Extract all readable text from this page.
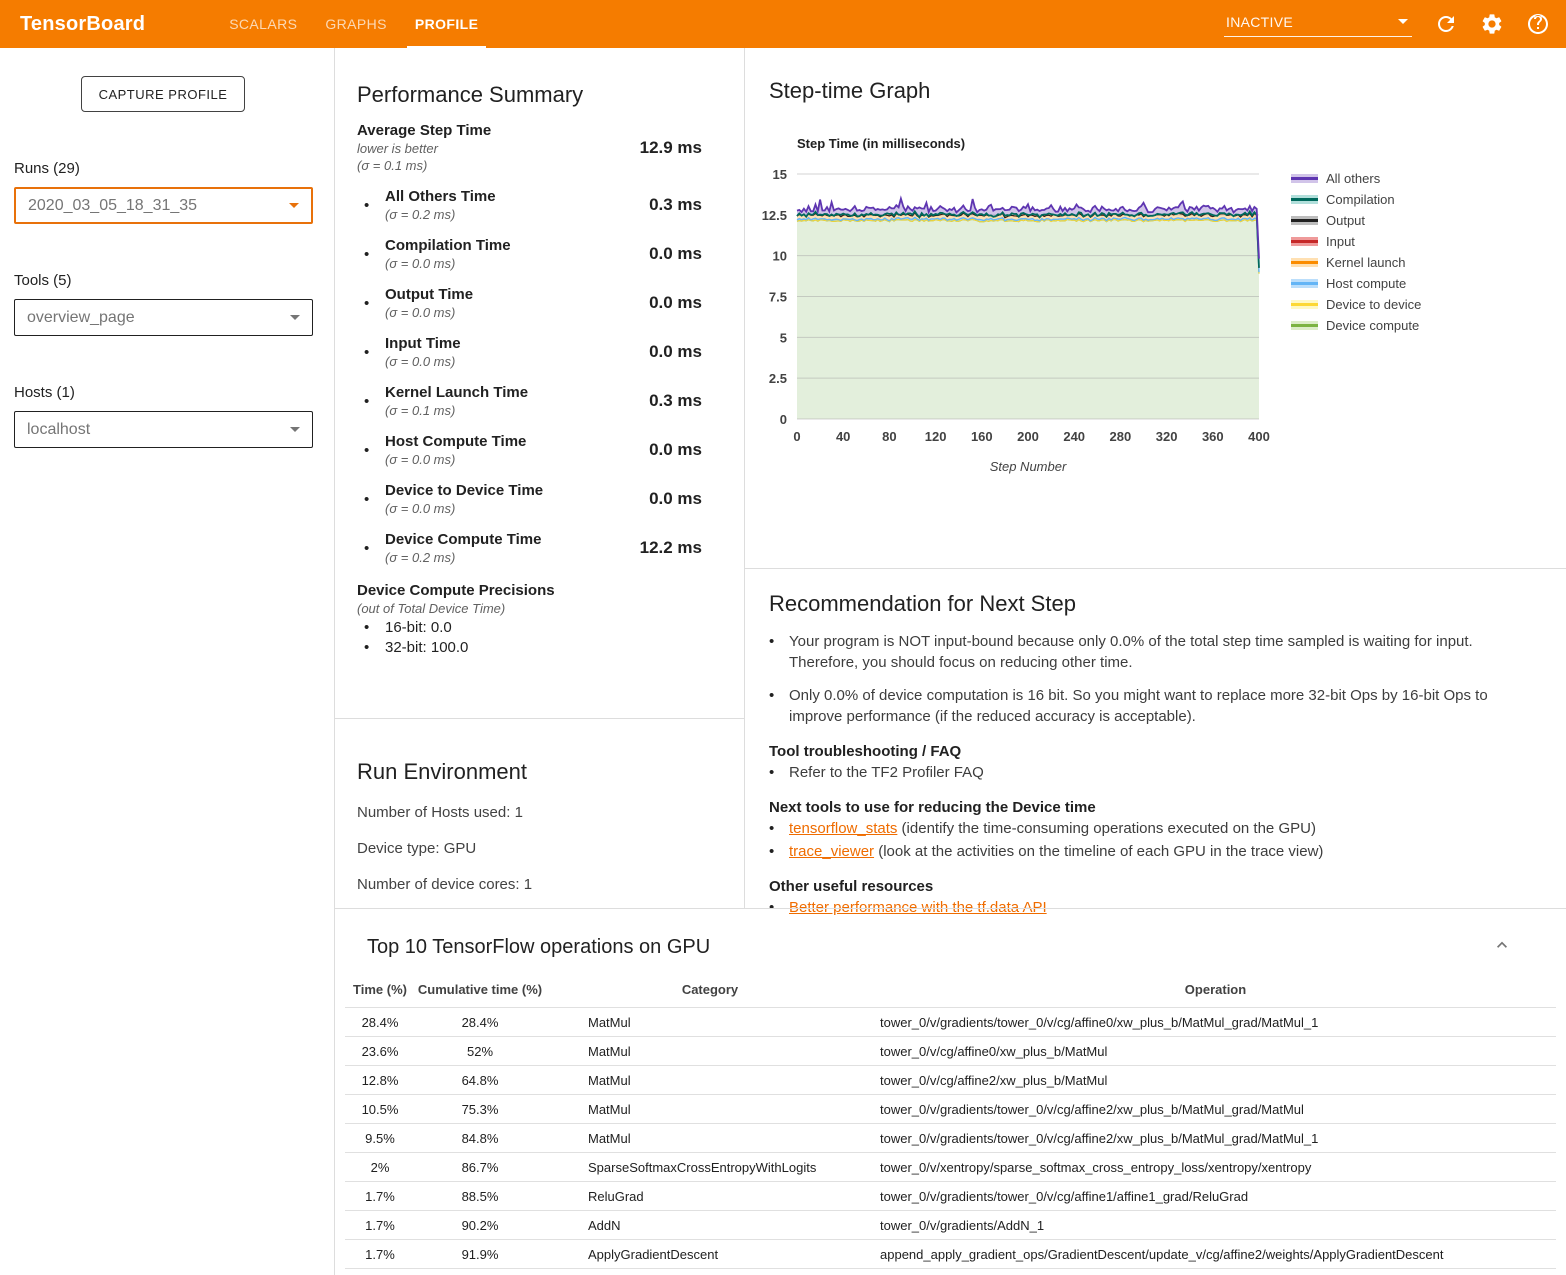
TensorBoard	SCALARS	GRAPHS	PROFILE	INACTIVE
CAPTURE PROFILE
Runs (29)
2020_03_05_18_31_35
Tools (5)
overview_page
Hosts (1)
localhost
Performance Summary
Average Step Time
lower is better
(σ = 0.1 ms)
12.9 ms
•	All Others Time
(σ = 0.2 ms)
0.3 ms
•	Compilation Time
(σ = 0.0 ms)
0.0 ms
•	Output Time
(σ = 0.0 ms)
0.0 ms
•	Input Time
(σ = 0.0 ms)
0.0 ms
•	Kernel Launch Time
(σ = 0.1 ms)
0.3 ms
•	Host Compute Time
(σ = 0.0 ms)
0.0 ms
•	Device to Device Time
(σ = 0.0 ms)
0.0 ms
•	Device Compute Time
(σ = 0.2 ms)
12.2 ms
Device Compute Precisions
(out of Total Device Time)
•	16-bit: 0.0
•	32-bit: 100.0
Run Environment
Number of Hosts used: 1
Device type: GPU
Number of device cores: 1
Step-time Graph
Step Time (in milliseconds)
0
2.5
5
7.5
10
12.5
15
0	40 80 120 160 200 240 280 320 360 400
Step Number
All others
Compilation
Output
Input
Kernel launch
Host compute
Device to device
Device compute
Recommendation for Next Step
• Your program is NOT input-bound because only 0.0% of the total step time sampled is waiting for input. Therefore, you should focus on reducing other time.
• Only 0.0% of device computation is 16 bit. So you might want to replace more 32-bit Ops by 16-bit Ops to improve performance (if the reduced accuracy is acceptable).
Tool troubleshooting / FAQ
• Refer to the TF2 Profiler FAQ
Next tools to use for reducing the Device time
• tensorflow_stats (identify the time-consuming operations executed on the GPU)
• trace_viewer (look at the activities on the timeline of each GPU in the trace view)
Other useful resources
• Better performance with the tf.data API
Top 10 TensorFlow operations on GPU
Time (%)	Cumulative time (%)	Category	Operation
28.4%	28.4%	MatMul	tower_0/v/gradients/tower_0/v/cg/affine0/xw_plus_b/MatMul_grad/MatMul_1
23.6%	52%	MatMul	tower_0/v/cg/affine0/xw_plus_b/MatMul
12.8%	64.8%	MatMul	tower_0/v/cg/affine2/xw_plus_b/MatMul
10.5%	75.3%	MatMul	tower_0/v/gradients/tower_0/v/cg/affine2/xw_plus_b/MatMul_grad/MatMul
9.5%	84.8%	MatMul	tower_0/v/gradients/tower_0/v/cg/affine2/xw_plus_b/MatMul_grad/MatMul_1
2%	86.7%	SparseSoftmaxCrossEntropyWithLogits	tower_0/v/xentropy/sparse_softmax_cross_entropy_loss/xentropy/xentropy
1.7%	88.5%	ReluGrad	tower_0/v/gradients/tower_0/v/cg/affine1/affine1_grad/ReluGrad
1.7%	90.2%	AddN	tower_0/v/gradients/AddN_1
1.7%	91.9%	ApplyGradientDescent	append_apply_gradient_ops/GradientDescent/update_v/cg/affine2/weights/ApplyGradientDescent
